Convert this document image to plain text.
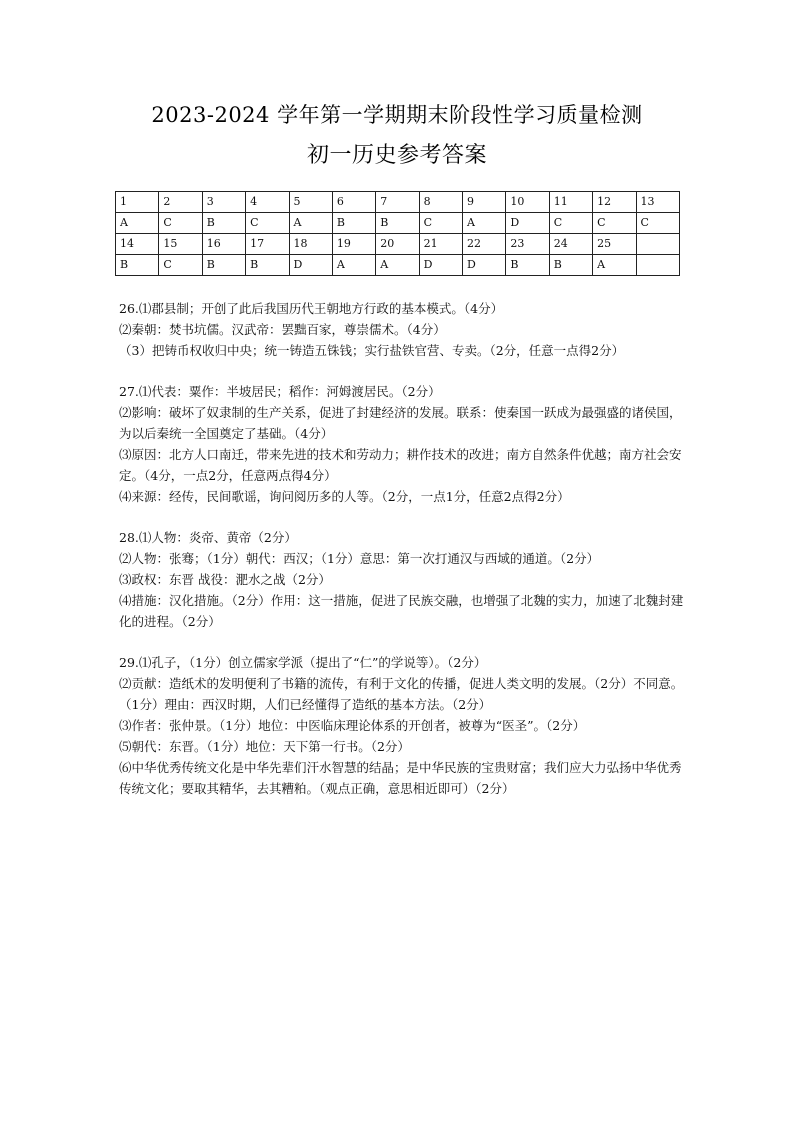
2023-2024 学年第一学期期末阶段性学习质量检测
初一历史参考答案
1	2	3	4	5	6	7	8	9	10	11	12	13
A	C	B	C	A	B	B	C	A	D	C	C	C
14	15	16	17	18	19	20	21	22	23	24	25	
B	C	B	B	D	A	A	D	D	B	B	A	

26.⑴郡县制；开创了此后我国历代王朝地方行政的基本模式。（4分）

⑵秦朝：焚书坑儒。汉武帝：罢黜百家，尊崇儒术。（4分）

（3）把铸币权收归中央；统一铸造五铢钱；实行盐铁官营、专卖。（2分，任意一点得2分）

27.⑴代表：粟作：半坡居民；稻作：河姆渡居民。（2分）

⑵影响：破坏了奴隶制的生产关系，促进了封建经济的发展。联系：使秦国一跃成为最强盛的诸侯国，为以后秦统一全国奠定了基础。（4分）

⑶原因：北方人口南迁，带来先进的技术和劳动力；耕作技术的改进；南方自然条件优越；南方社会安定。（4分，一点2分，任意两点得4分）

⑷来源：经传，民间歌谣，询问阅历多的人等。（2分，一点1分，任意2点得2分）

28.⑴人物：炎帝、黄帝（2分）

⑵人物：张骞；（1分）朝代：西汉；（1分）意思：第一次打通汉与西域的通道。（2分）

⑶政权：东晋 战役：淝水之战（2分）

⑷措施：汉化措施。（2分）作用：这一措施，促进了民族交融，也增强了北魏的实力，加速了北魏封建化的进程。（2分）

29.⑴孔子，（1分）创立儒家学派（提出了“仁”的学说等）。（2分）

⑵贡献：造纸术的发明便利了书籍的流传，有利于文化的传播，促进人类文明的发展。（2分）不同意。（1分）理由：西汉时期，人们已经懂得了造纸的基本方法。（2分）

⑶作者：张仲景。（1分）地位：中医临床理论体系的开创者，被尊为“医圣”。（2分）

⑸朝代：东晋。（1分）地位：天下第一行书。（2分）

⑹中华优秀传统文化是中华先辈们汗水智慧的结晶；是中华民族的宝贵财富；我们应大力弘扬中华优秀传统文化；要取其精华，去其糟粕。（观点正确，意思相近即可）（2分）
